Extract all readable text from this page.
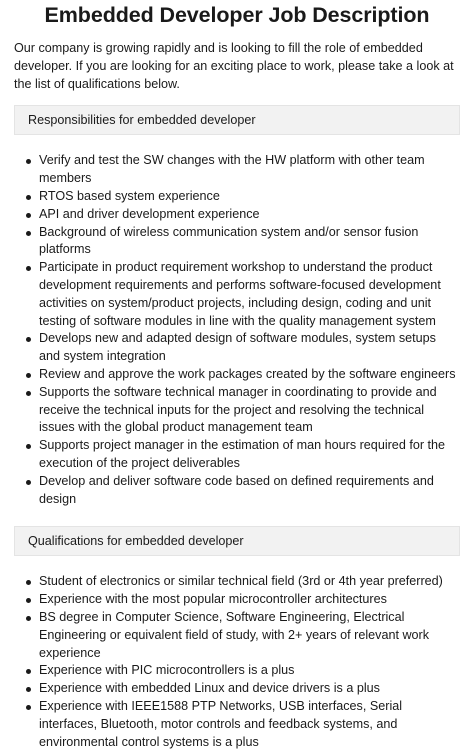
Embedded Developer Job Description

Our company is growing rapidly and is looking to fill the role of embedded developer. If you are looking for an exciting place to work, please take a look at the list of qualifications below.

Responsibilities for embedded developer
Verify and test the SW changes with the HW platform with other team members
RTOS based system experience
API and driver development experience
Background of wireless communication system and/or sensor fusion platforms
Participate in product requirement workshop to understand the product development requirements and performs software-focused development activities on system/product projects, including design, coding and unit testing of software modules in line with the quality management system
Develops new and adapted design of software modules, system setups and system integration
Review and approve the work packages created by the software engineers
Supports the software technical manager in coordinating to provide and receive the technical inputs for the project and resolving the technical issues with the global product management team
Supports project manager in the estimation of man hours required for the execution of the project deliverables
Develop and deliver software code based on defined requirements and design
Qualifications for embedded developer
Student of electronics or similar technical field (3rd or 4th year preferred)
Experience with the most popular microcontroller architectures
BS degree in Computer Science, Software Engineering, Electrical Engineering or equivalent field of study, with 2+ years of relevant work experience
Experience with PIC microcontrollers is a plus
Experience with embedded Linux and device drivers is a plus
Experience with IEEE1588 PTP Networks, USB interfaces, Serial interfaces, Bluetooth, motor controls and feedback systems, and environmental control systems is a plus
